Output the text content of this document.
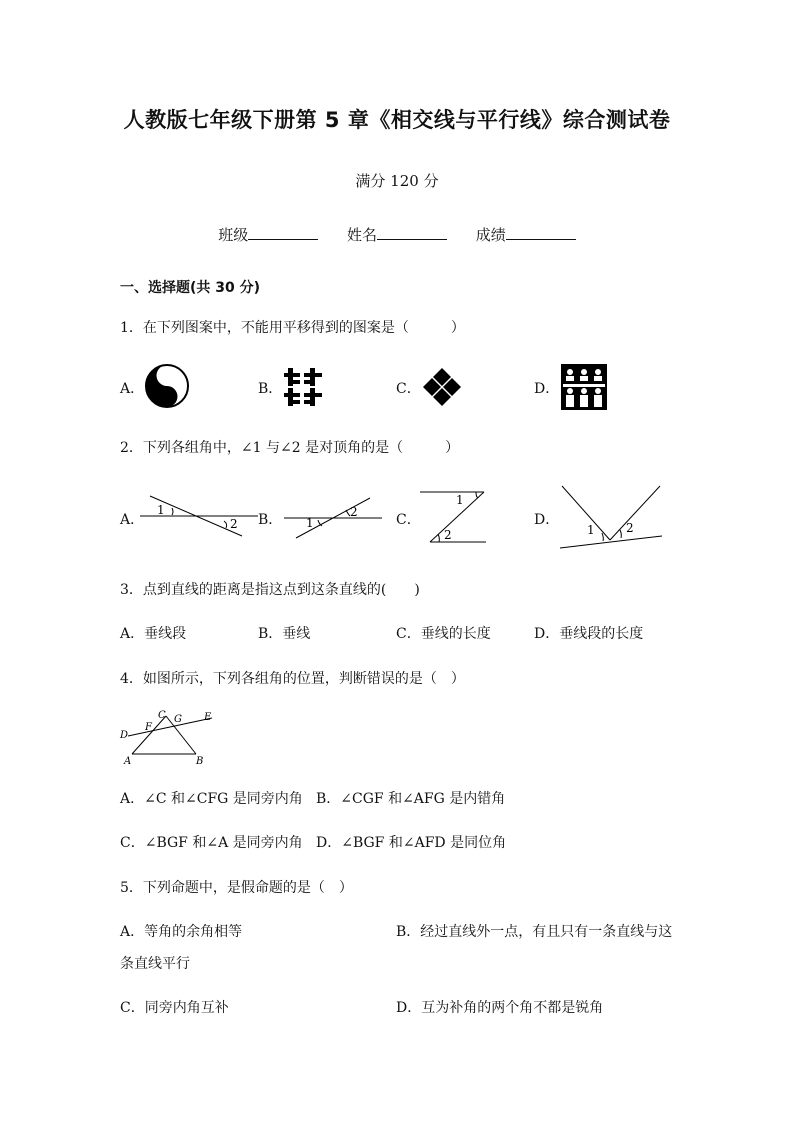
人教版七年级下册第 5 章《相交线与平行线》综合测试卷
满分 120 分
班级	姓名	成绩
一、选择题(共 30 分)
1．在下列图案中，不能用平移得到的图案是（　　　）
A．	B．	C．	D．
2．下列各组角中，∠1 与∠2 是对顶角的是（　　　）
A．	B．	C．	D．
1
2	1
2
1
2	1	2
3．点到直线的距离是指这点到这条直线的(　　)
A．垂线段	B．垂线	C．垂线的长度	D．垂线段的长度
4．如图所示，下列各组角的位置，判断错误的是（　）
C G E
F
D
A	B
A．∠C 和∠CFG 是同旁内角 B．∠CGF 和∠AFG 是内错角
C．∠BGF 和∠A 是同旁内角 D．∠BGF 和∠AFD 是同位角
5．下列命题中，是假命题的是（　）
A．等角的余角相等	B．经过直线外一点，有且只有一条直线与这
条直线平行
C．同旁内角互补	D．互为补角的两个角不都是锐角
